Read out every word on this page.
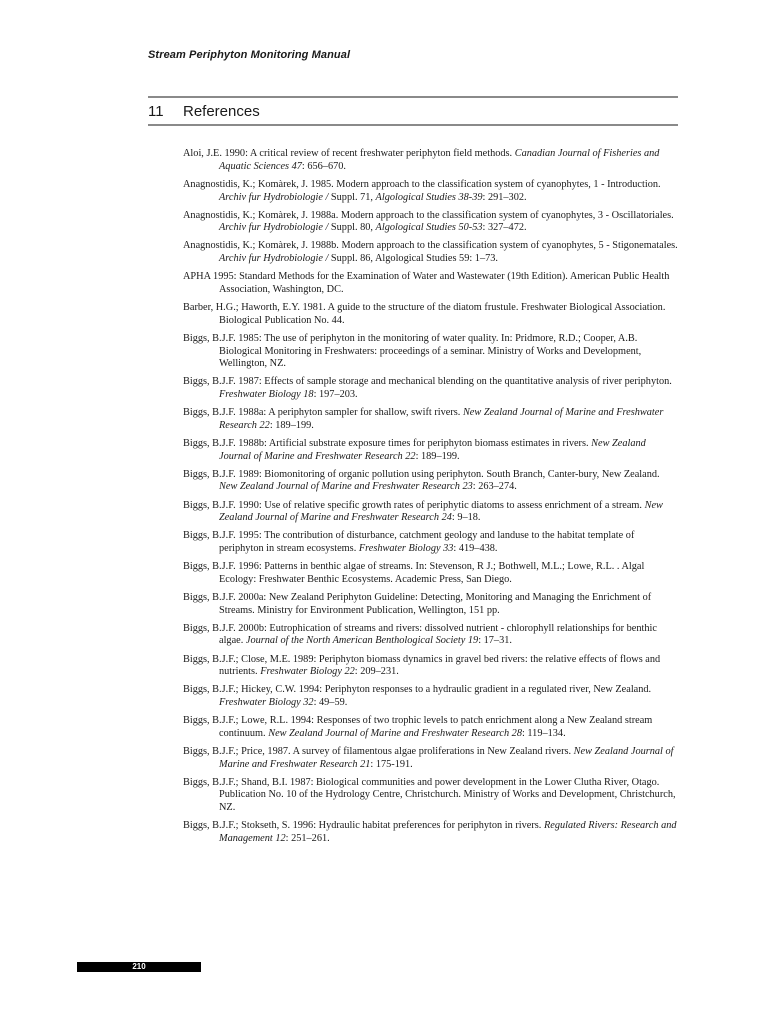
Stream Periphyton Monitoring Manual
11 References

Aloi, J.E. 1990: A critical review of recent freshwater periphyton field methods. Canadian Journal of Fisheries and Aquatic Sciences 47: 656–670.

Anagnostidis, K.; Komàrek, J. 1985. Modern approach to the classification system of cyanophytes, 1 - Introduction. Archiv fur Hydrobiologie / Suppl. 71, Algological Studies 38-39: 291–302.

Anagnostidis, K.; Komàrek, J. 1988a. Modern approach to the classification system of cyanophytes, 3 - Oscillatoriales. Archiv fur Hydrobiologie / Suppl. 80, Algological Studies 50-53: 327–472.

Anagnostidis, K.; Komàrek, J. 1988b. Modern approach to the classification system of cyanophytes, 5 - Stigonematales. Archiv fur Hydrobiologie / Suppl. 86, Algological Studies 59: 1–73.

APHA 1995: Standard Methods for the Examination of Water and Wastewater (19th Edition). American Public Health Association, Washington, DC.

Barber, H.G.; Haworth, E.Y. 1981. A guide to the structure of the diatom frustule. Freshwater Biological Association. Biological Publication No. 44.

Biggs, B.J.F. 1985: The use of periphyton in the monitoring of water quality. In: Pridmore, R.D.; Cooper, A.B. Biological Monitoring in Freshwaters: proceedings of a seminar. Ministry of Works and Development, Wellington, NZ.

Biggs, B.J.F. 1987: Effects of sample storage and mechanical blending on the quantitative analysis of river periphyton. Freshwater Biology 18: 197–203.

Biggs, B.J.F. 1988a: A periphyton sampler for shallow, swift rivers. New Zealand Journal of Marine and Freshwater Research 22: 189–199.

Biggs, B.J.F. 1988b: Artificial substrate exposure times for periphyton biomass estimates in rivers. New Zealand Journal of Marine and Freshwater Research 22: 189–199.

Biggs, B.J.F. 1989: Biomonitoring of organic pollution using periphyton. South Branch, Canter-bury, New Zealand. New Zealand Journal of Marine and Freshwater Research 23: 263–274.

Biggs, B.J.F. 1990: Use of relative specific growth rates of periphytic diatoms to assess enrichment of a stream. New Zealand Journal of Marine and Freshwater Research 24: 9–18.

Biggs, B.J.F. 1995: The contribution of disturbance, catchment geology and landuse to the habitat template of periphyton in stream ecosystems. Freshwater Biology 33: 419–438.

Biggs, B.J.F. 1996: Patterns in benthic algae of streams. In: Stevenson, R J.; Bothwell, M.L.; Lowe, R.L. . Algal Ecology: Freshwater Benthic Ecosystems. Academic Press, San Diego.

Biggs, B.J.F. 2000a: New Zealand Periphyton Guideline: Detecting, Monitoring and Managing the Enrichment of Streams. Ministry for Environment Publication, Wellington, 151 pp.

Biggs, B.J.F. 2000b: Eutrophication of streams and rivers: dissolved nutrient - chlorophyll relationships for benthic algae. Journal of the North American Benthological Society 19: 17–31.

Biggs, B.J.F.; Close, M.E. 1989: Periphyton biomass dynamics in gravel bed rivers: the relative effects of flows and nutrients. Freshwater Biology 22: 209–231.

Biggs, B.J.F.; Hickey, C.W. 1994: Periphyton responses to a hydraulic gradient in a regulated river, New Zealand. Freshwater Biology 32: 49–59.

Biggs, B.J.F.; Lowe, R.L. 1994: Responses of two trophic levels to patch enrichment along a New Zealand stream continuum. New Zealand Journal of Marine and Freshwater Research 28: 119–134.

Biggs, B.J.F.; Price, 1987. A survey of filamentous algae proliferations in New Zealand rivers. New Zealand Journal of Marine and Freshwater Research 21: 175-191.

Biggs, B.J.F.; Shand, B.I. 1987: Biological communities and power development in the Lower Clutha River, Otago. Publication No. 10 of the Hydrology Centre, Christchurch. Ministry of Works and Development, Christchurch, NZ.

Biggs, B.J.F.; Stokseth, S. 1996: Hydraulic habitat preferences for periphyton in rivers. Regulated Rivers: Research and Management 12: 251–261.

210
